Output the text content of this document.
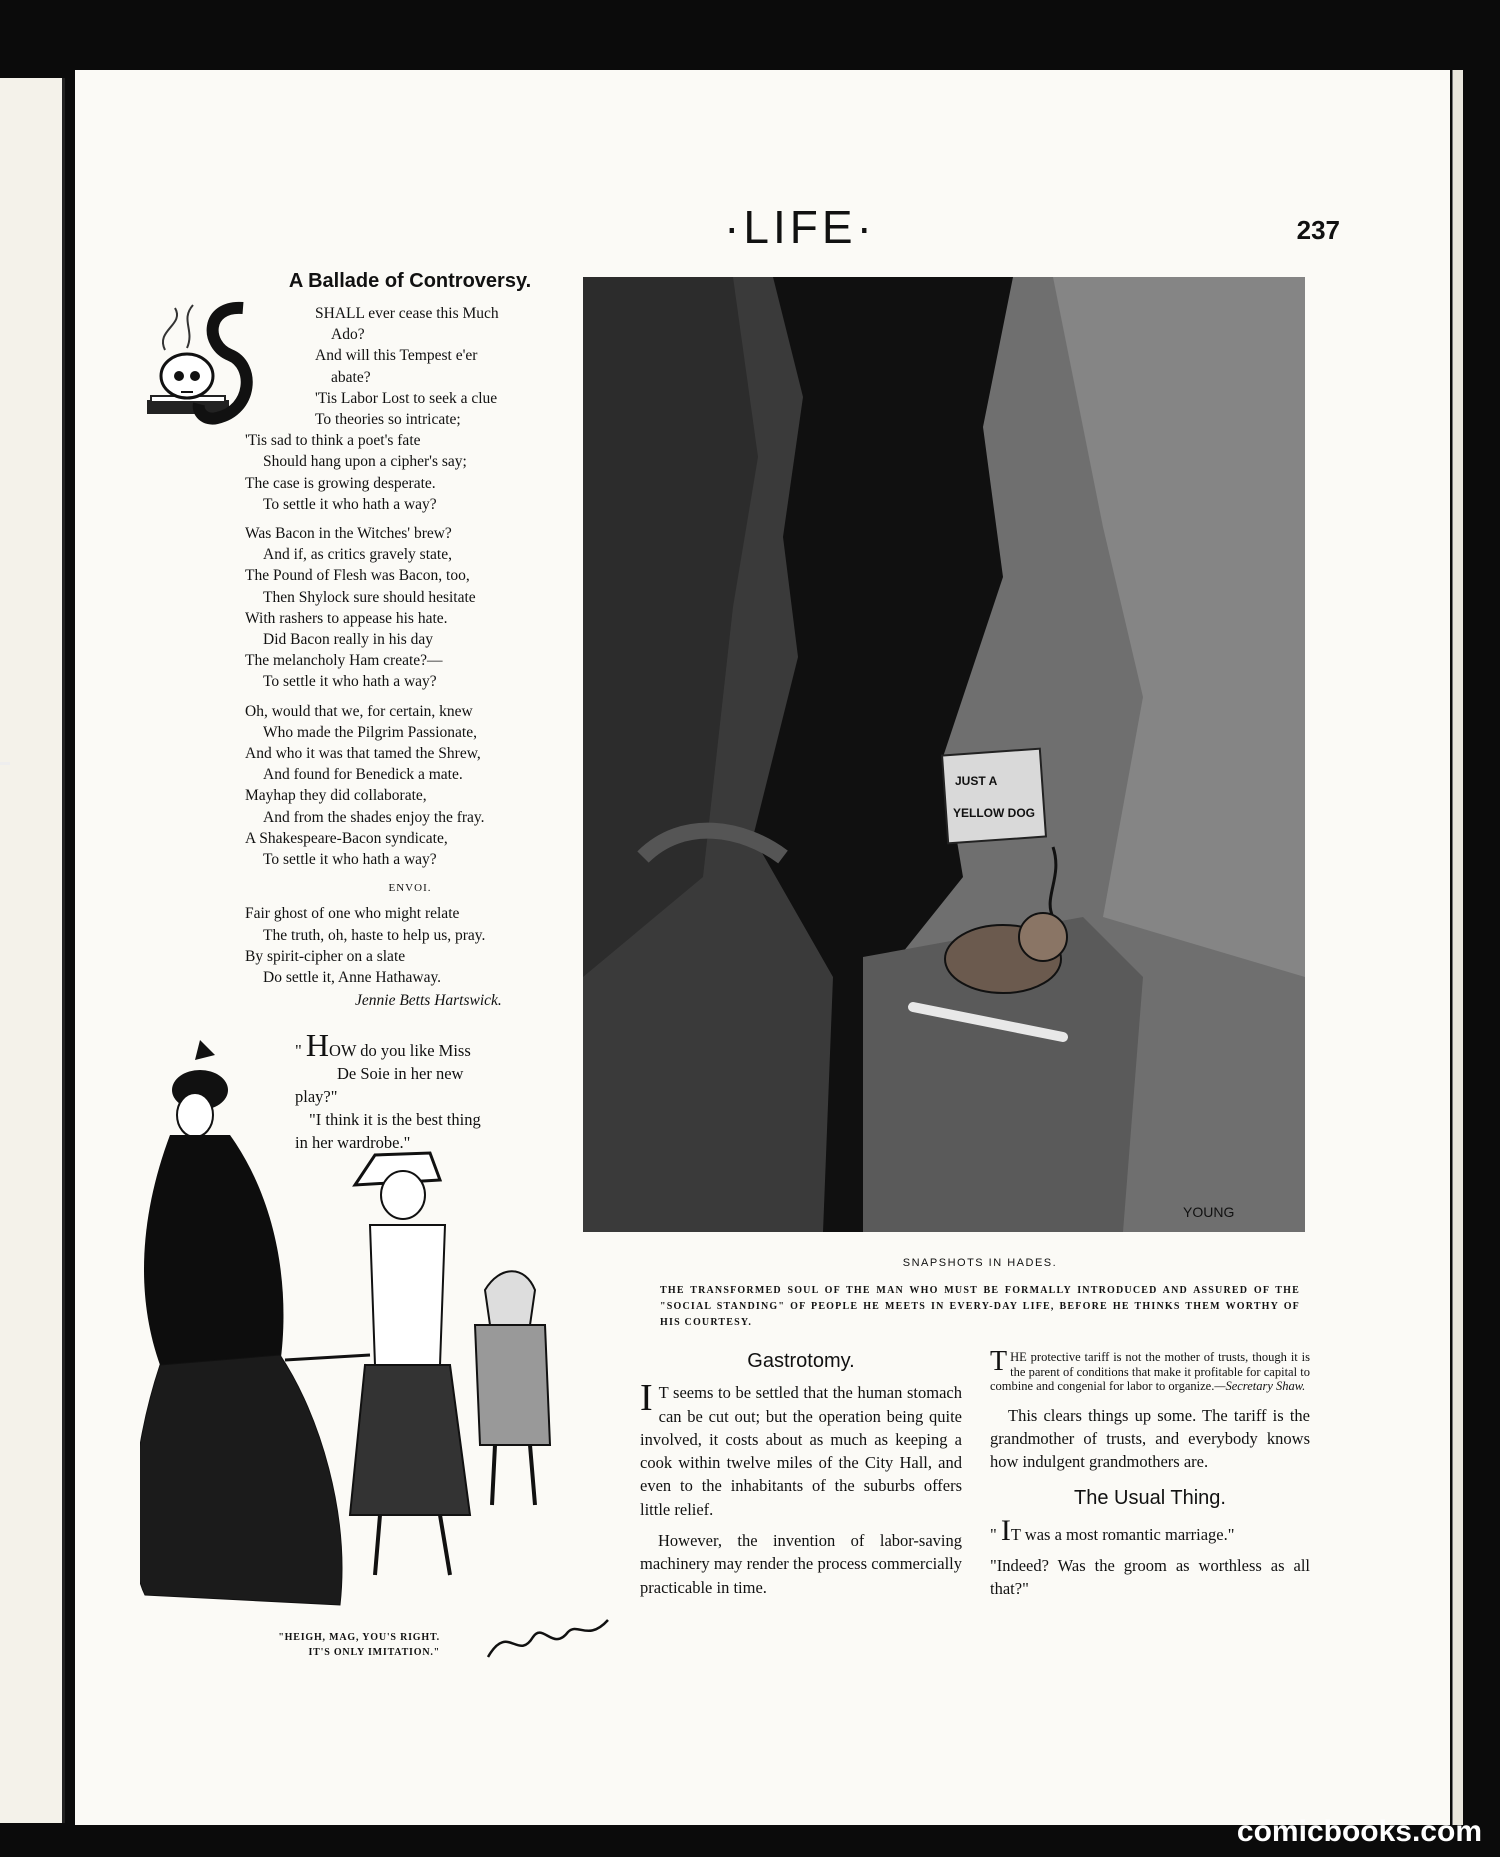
·LIFE·	237
A Ballade of Controversy.
SHALL ever cease this Much
Ado?
And will this Tempest e'er
abate?
'Tis Labor Lost to seek a clue
To theories so intricate;
'Tis sad to think a poet's fate
Should hang upon a cipher's say;
The case is growing desperate.
To settle it who hath a way?
Was Bacon in the Witches' brew?
And if, as critics gravely state,
The Pound of Flesh was Bacon, too,
Then Shylock sure should hesitate
With rashers to appease his hate.
Did Bacon really in his day
The melancholy Ham create?—
To settle it who hath a way?
Oh, would that we, for certain, knew
Who made the Pilgrim Passionate,
And who it was that tamed the Shrew,
And found for Benedick a mate.
Mayhap they did collaborate,
And from the shades enjoy the fray.
A Shakespeare-Bacon syndicate,
To settle it who hath a way?
ENVOI.
Fair ghost of one who might relate
The truth, oh, haste to help us, pray.
By spirit-cipher on a slate
Do settle it, Anne Hathaway.
Jennie Betts Hartswick.
" HOW do you like Miss
De Soie in her new
play?"
"I think it is the best thing
in her wardrobe."
JUST A
YELLOW DOG
YOUNG
SNAPSHOTS IN HADES.
THE TRANSFORMED SOUL OF THE MAN WHO MUST BE FORMALLY INTRODUCED AND ASSURED OF THE "SOCIAL STANDING" OF PEOPLE HE MEETS IN EVERY-DAY LIFE, BEFORE HE THINKS THEM WORTHY OF HIS COURTESY.
"HEIGH, MAG, YOU'S RIGHT.
IT'S ONLY IMITATION."
Gastrotomy.

I T seems to be settled that the human stomach can be cut out; but the operation being quite involved, it costs about as much as keeping a cook within twelve miles of the City Hall, and even to the inhabitants of the suburbs offers little relief.

However, the invention of labor-saving machinery may render the process commercially practicable in time.

THE protective tariff is not the mother of trusts, though it is the parent of conditions that make it profitable for capital to combine and congenial for labor to organize.—Secretary Shaw.

This clears things up some. The tariff is the grandmother of trusts, and everybody knows how indulgent grandmothers are.

The Usual Thing.

" IT was a most romantic marriage."

"Indeed? Was the groom as worthless as all that?"

comicbooks.com
